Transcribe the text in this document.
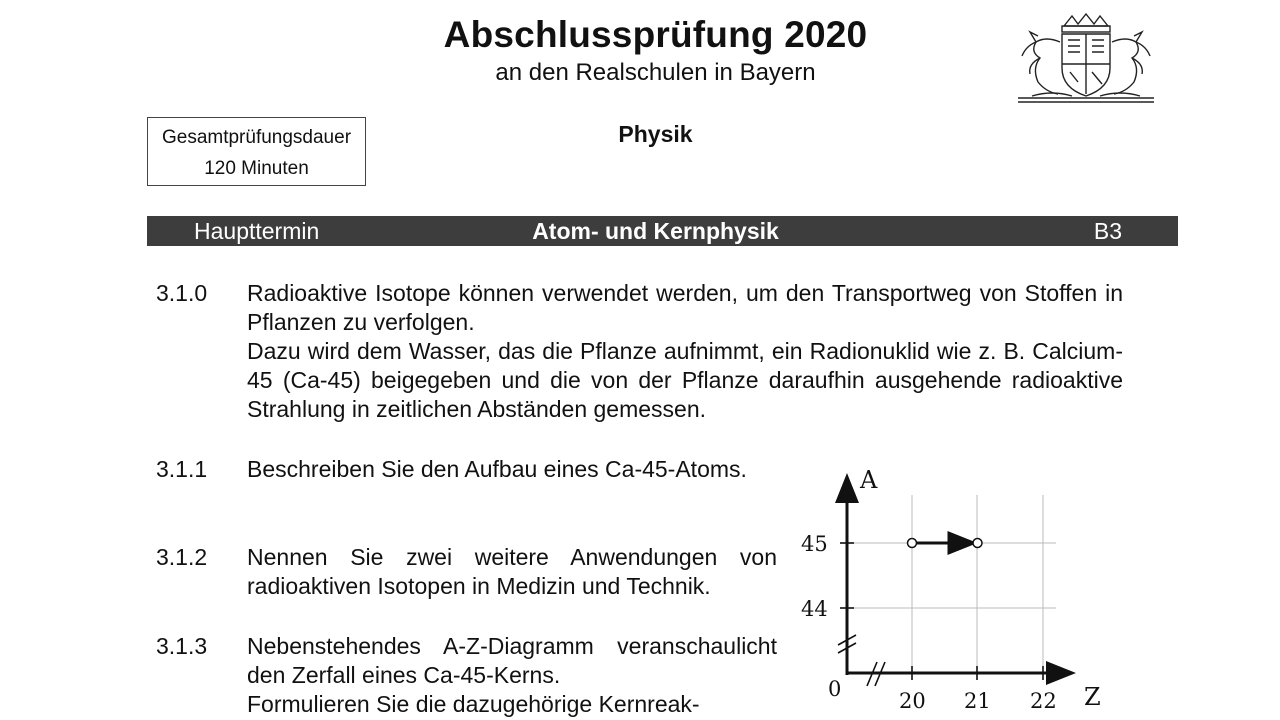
Abschlussprüfung 2020
an den Realschulen in Bayern
Gesamtprüfungsdauer
120 Minuten
Physik
Haupttermin	Atom- und Kernphysik	B3
3.1.0 Radioaktive Isotope können verwendet werden, um den Transportweg von Stoffen in Pflanzen zu verfolgen.

Dazu wird dem Wasser, das die Pflanze aufnimmt, ein Radionuklid wie z. B. Calcium-45 (Ca-45) beigegeben und die von der Pflanze daraufhin ausgehende radioaktive Strahlung in zeitlichen Abständen gemessen.

3.1.1 Beschreiben Sie den Aufbau eines Ca-45-Atoms.

3.1.2 Nennen Sie zwei weitere Anwendungen von radioaktiven Isotopen in Medizin und Technik.

3.1.3 Nebenstehendes A-Z-Diagramm veranschaulicht den Zerfall eines Ca-45-Kerns.

Formulieren Sie die dazugehörige Kernreak-

A
Z
45
44
0	20 21 22
